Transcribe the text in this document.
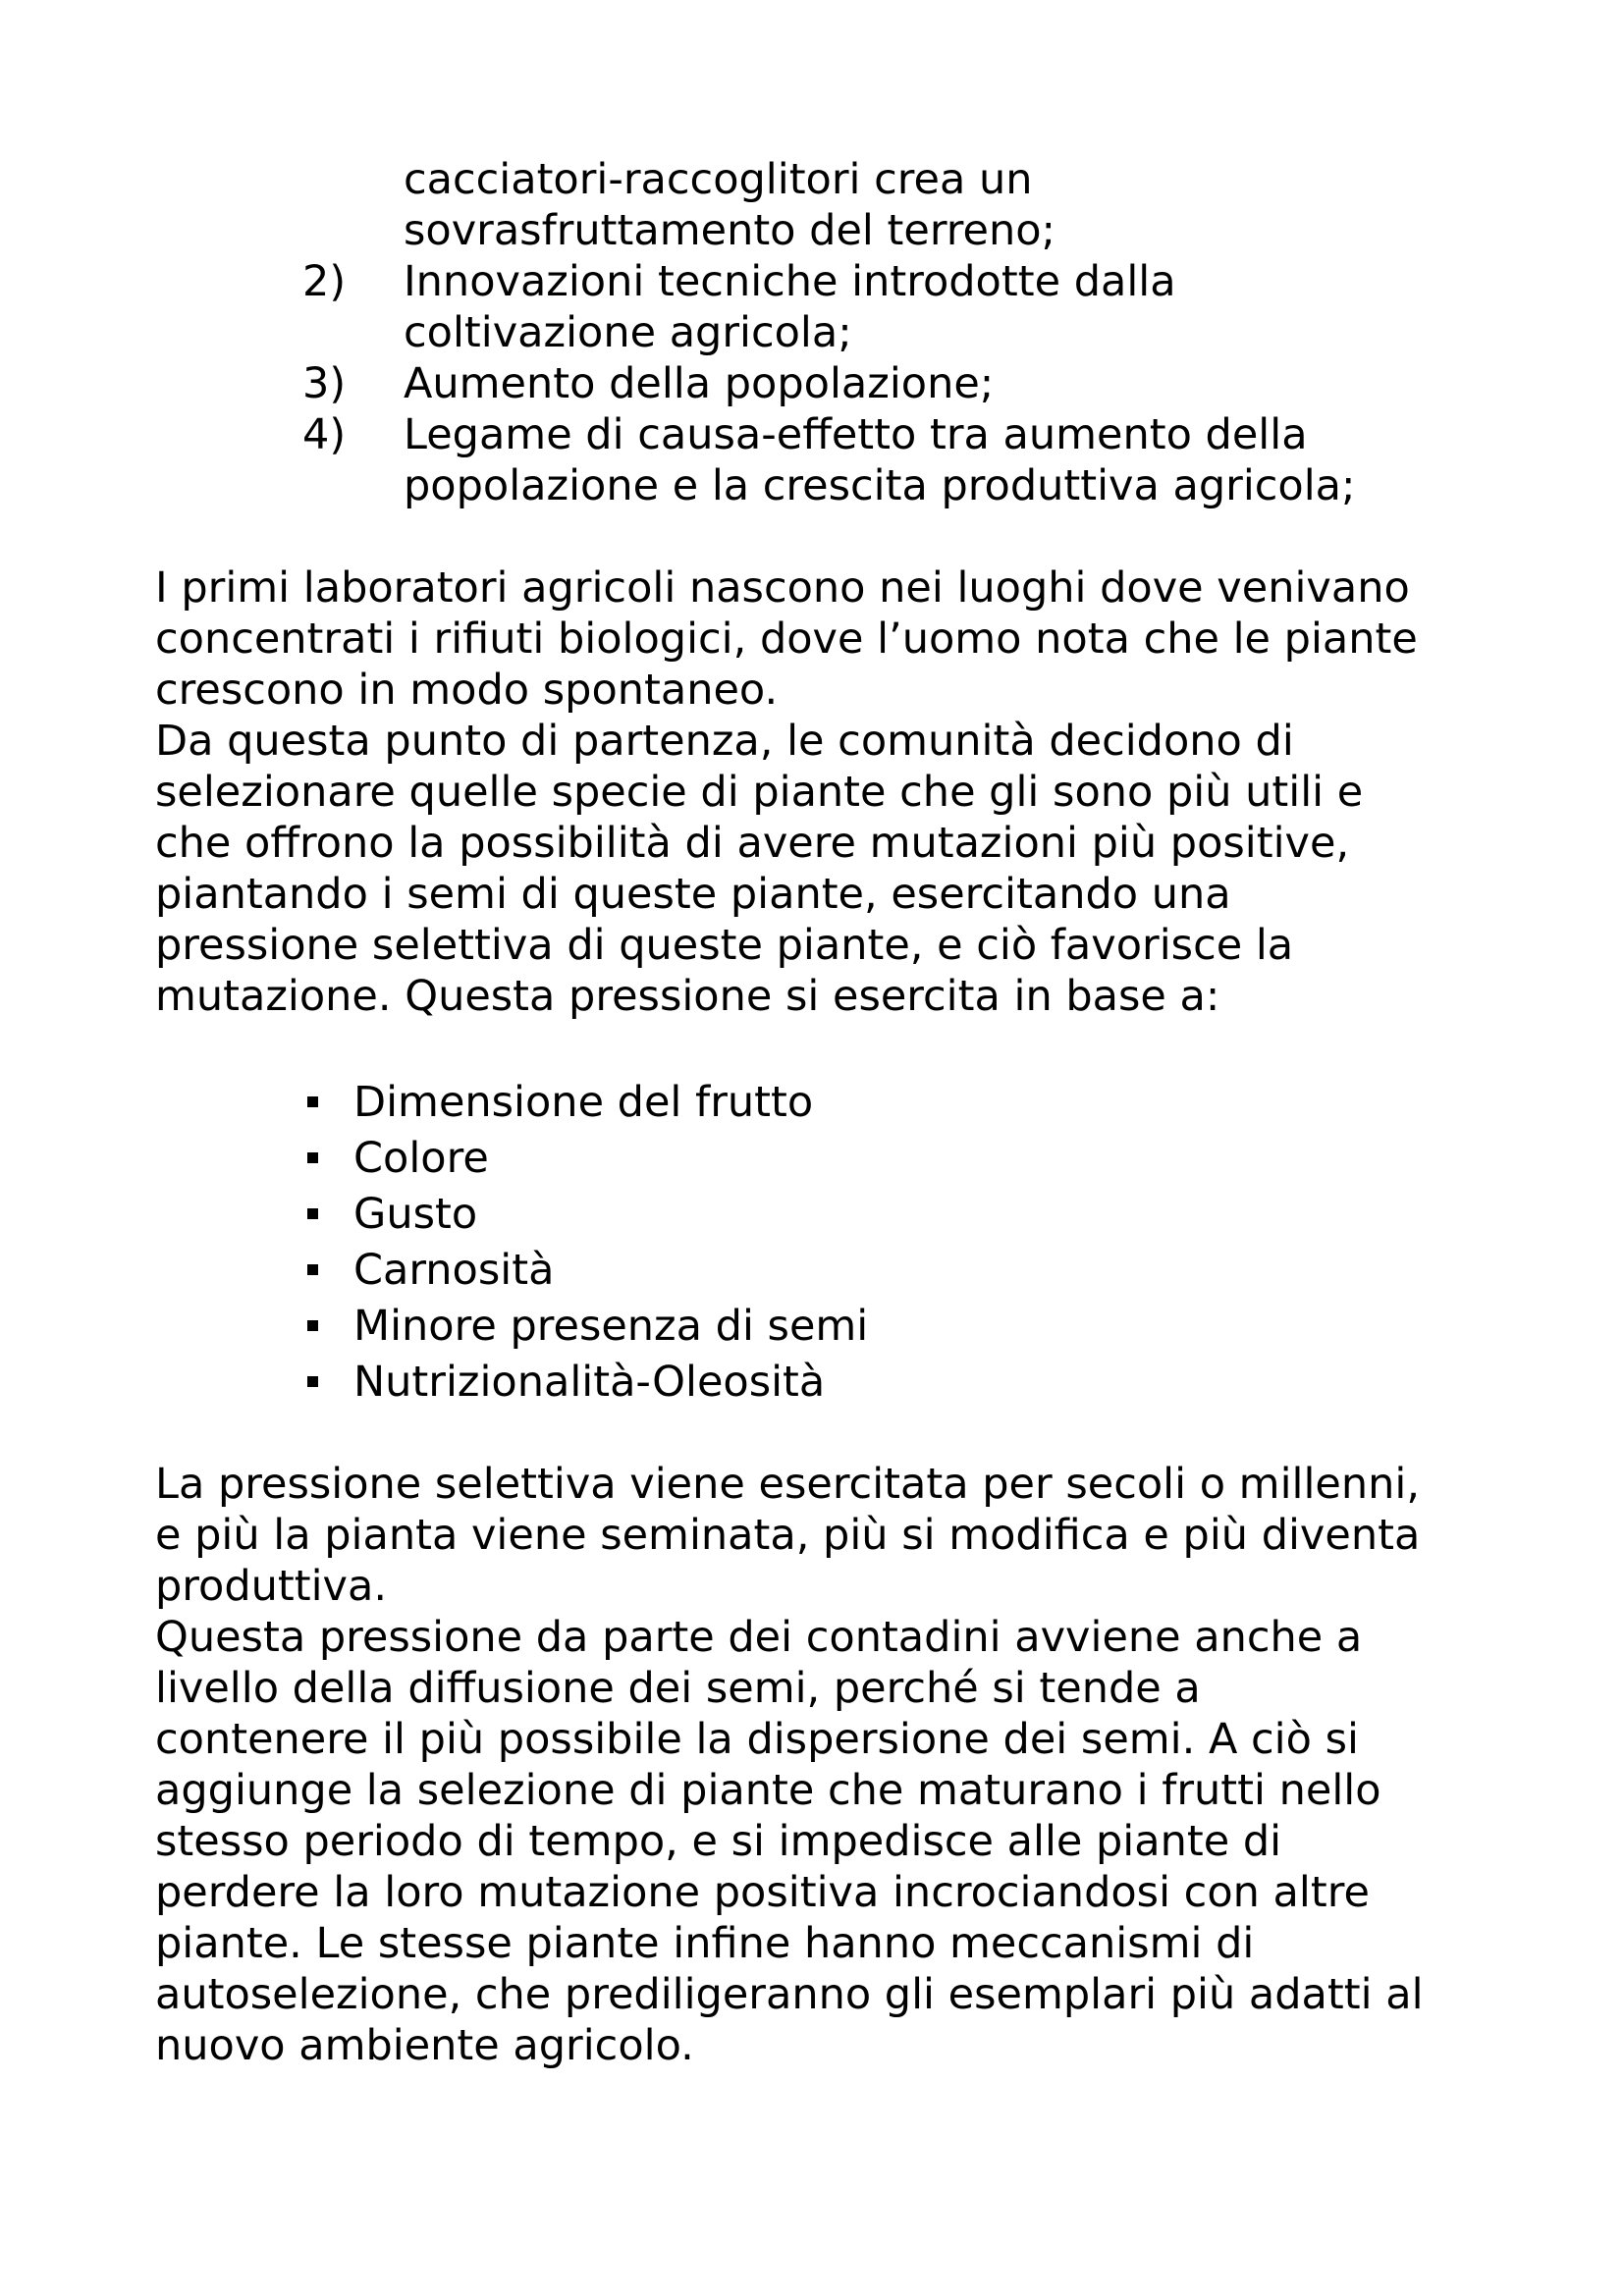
cacciatori-raccoglitori crea un
sovrasfruttamento del terreno;
2) Innovazioni tecniche introdotte dalla
coltivazione agricola;
3) Aumento della popolazione;
4) Legame di causa-effetto tra aumento della
popolazione e la crescita produttiva agricola;
I primi laboratori agricoli nascono nei luoghi dove venivano
concentrati i rifiuti biologici, dove l’uomo nota che le piante
crescono in modo spontaneo.
Da questa punto di partenza, le comunità decidono di
selezionare quelle specie di piante che gli sono più utili e
che offrono la possibilità di avere mutazioni più positive,
piantando i semi di queste piante, esercitando una
pressione selettiva di queste piante, e ciò favorisce la
mutazione. Questa pressione si esercita in base a:
Dimensione del frutto
Colore
Gusto
Carnosità
Minore presenza di semi
Nutrizionalità-Oleosità
La pressione selettiva viene esercitata per secoli o millenni,
e più la pianta viene seminata, più si modifica e più diventa
produttiva.
Questa pressione da parte dei contadini avviene anche a
livello della diffusione dei semi, perché si tende a
contenere il più possibile la dispersione dei semi. A ciò si
aggiunge la selezione di piante che maturano i frutti nello
stesso periodo di tempo, e si impedisce alle piante di
perdere la loro mutazione positiva incrociandosi con altre
piante. Le stesse piante infine hanno meccanismi di
autoselezione, che prediligeranno gli esemplari più adatti al
nuovo ambiente agricolo.
